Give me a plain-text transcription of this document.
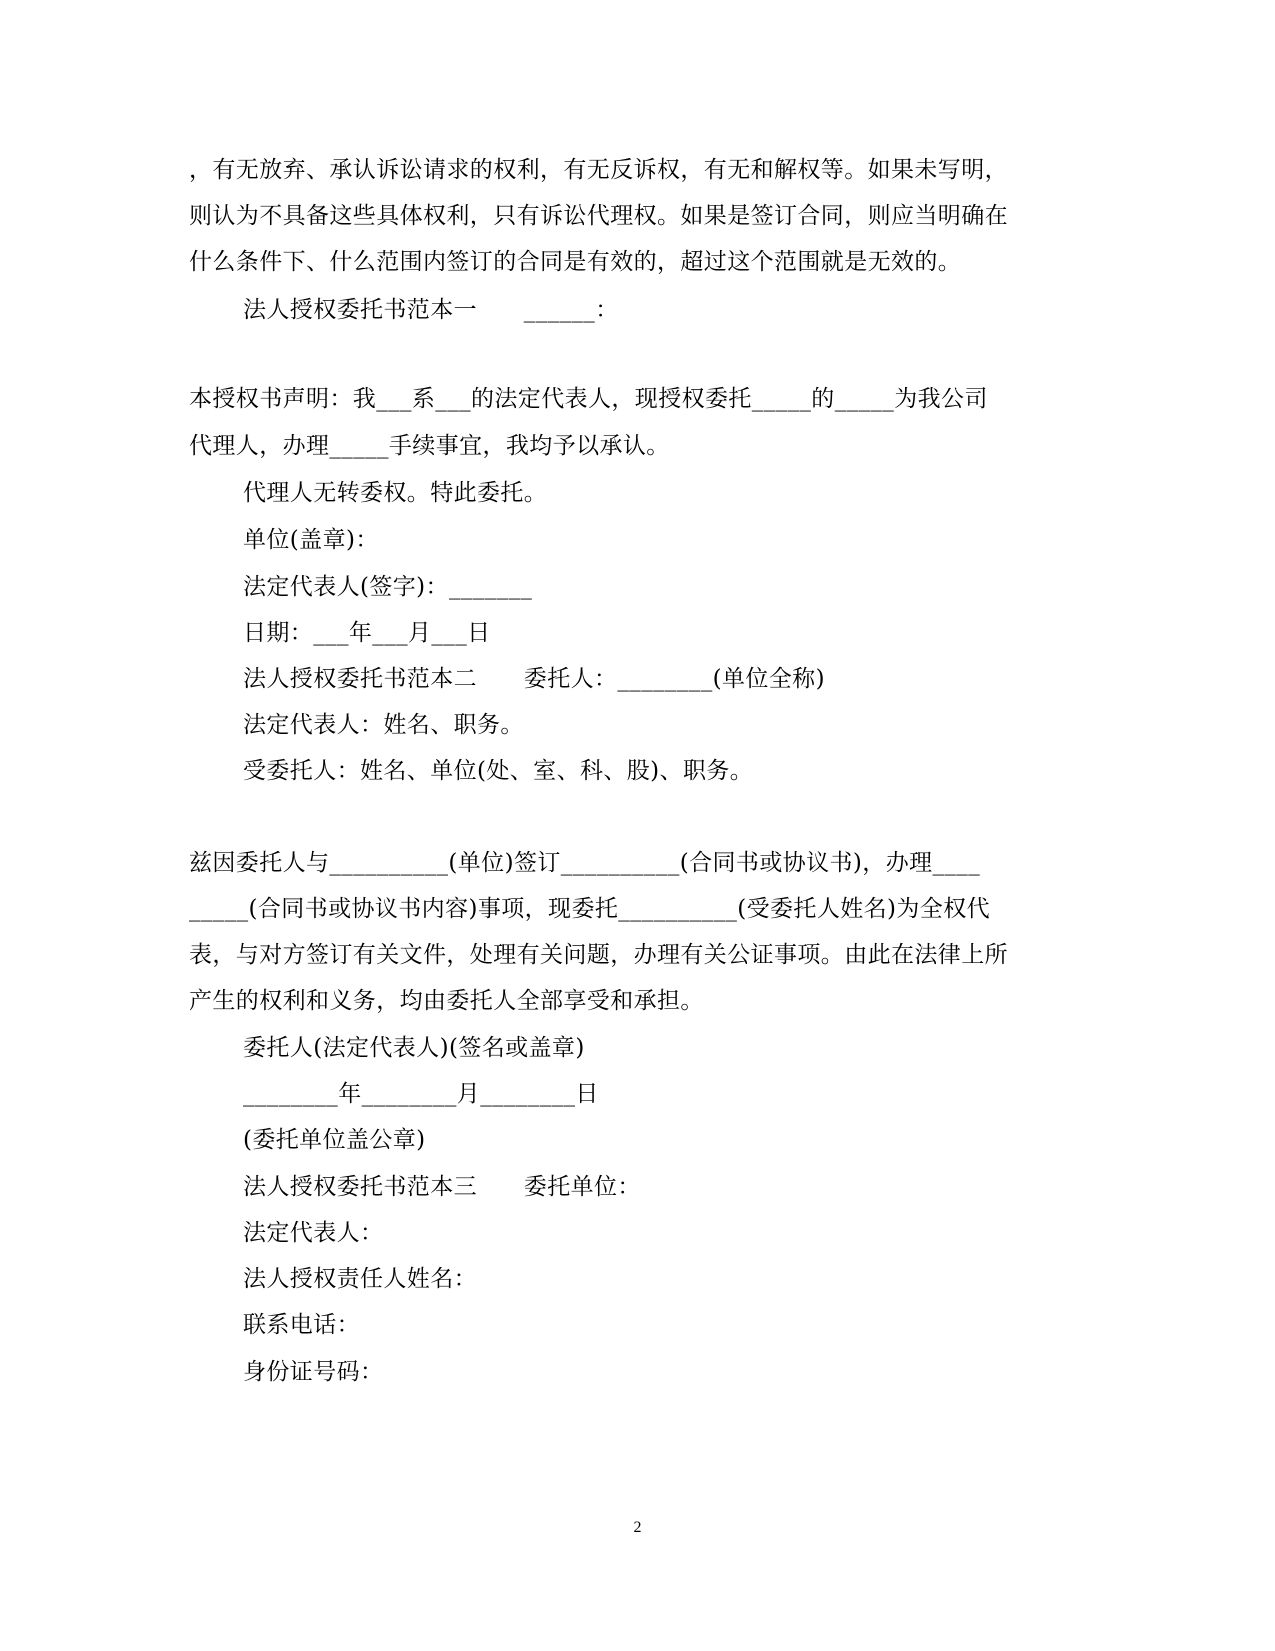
，有无放弃、承认诉讼请求的权利，有无反诉权，有无和解权等。如果未写明，
则认为不具备这些具体权利，只有诉讼代理权。如果是签订合同，则应当明确在
什么条件下、什么范围内签订的合同是有效的，超过这个范围就是无效的。
法人授权委托书范本一　　______：
本授权书声明：我___系___的法定代表人，现授权委托_____的_____为我公司
代理人，办理_____手续事宜，我均予以承认。
代理人无转委权。特此委托。
单位(盖章)：
法定代表人(签字)：_______
日期：___年___月___日
法人授权委托书范本二　　委托人：________(单位全称)
法定代表人：姓名、职务。
受委托人：姓名、单位(处、室、科、股)、职务。
兹因委托人与__________(单位)签订__________(合同书或协议书)，办理____
_____(合同书或协议书内容)事项，现委托__________(受委托人姓名)为全权代
表，与对方签订有关文件，处理有关问题，办理有关公证事项。由此在法律上所
产生的权利和义务，均由委托人全部享受和承担。
委托人(法定代表人)(签名或盖章)
________年________月________日
(委托单位盖公章)
法人授权委托书范本三　　委托单位：
法定代表人：
法人授权责任人姓名：
联系电话：
身份证号码：
2
